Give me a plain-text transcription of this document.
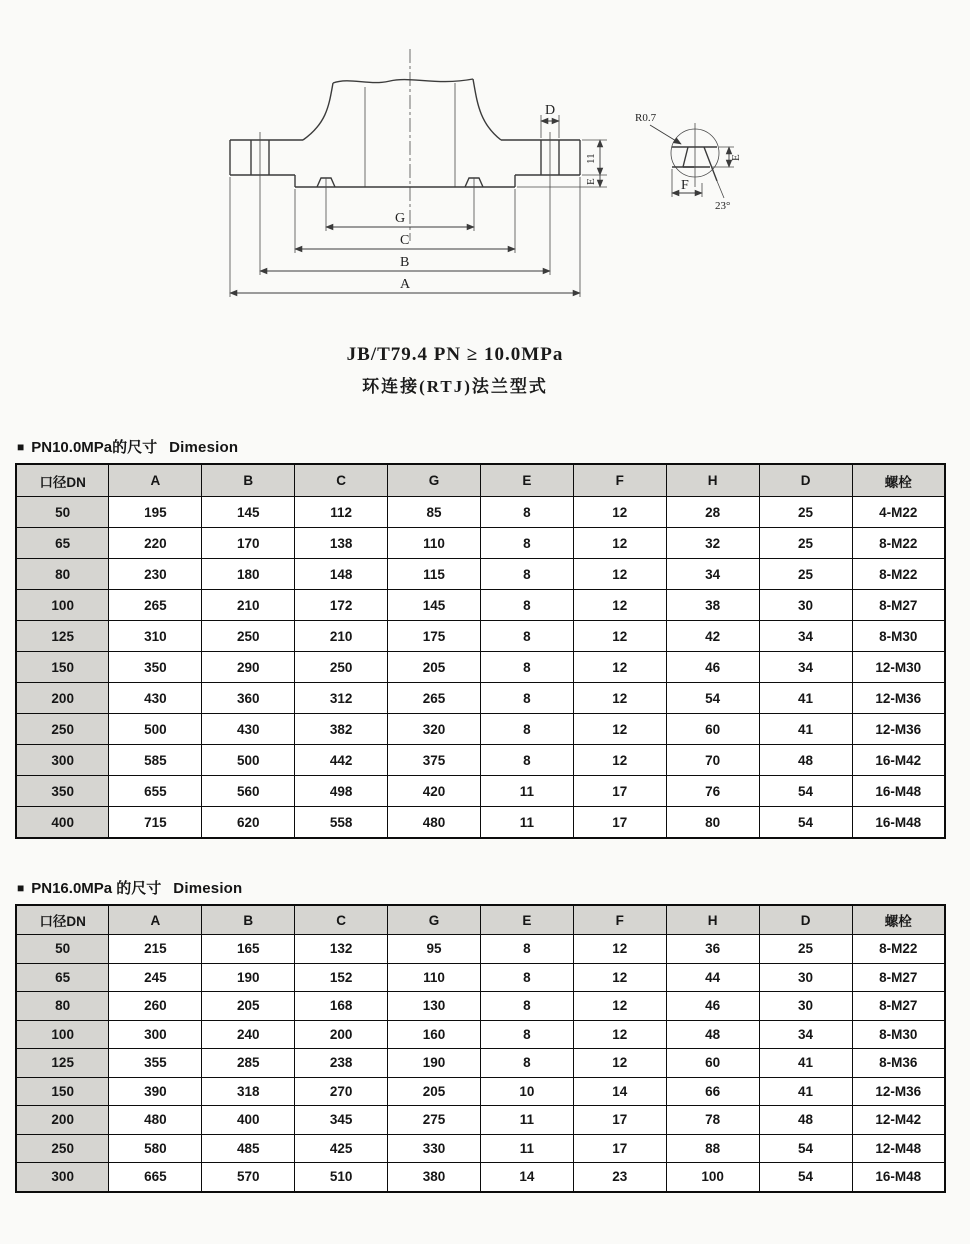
D
11
E
G
C
B
A
R0.7
E
F
23°
JB/T79.4 PN ≥ 10.0MPa
环连接(RTJ)法兰型式
■ PN10.0MPa的尺寸 Dimesion
口径DN	A	B	C	G	E	F	H	D	螺栓
50	195	145	112	85	8	12	28	25	4-M22
65	220	170	138	110	8	12	32	25	8-M22
80	230	180	148	115	8	12	34	25	8-M22
100	265	210	172	145	8	12	38	30	8-M27
125	310	250	210	175	8	12	42	34	8-M30
150	350	290	250	205	8	12	46	34	12-M30
200	430	360	312	265	8	12	54	41	12-M36
250	500	430	382	320	8	12	60	41	12-M36
300	585	500	442	375	8	12	70	48	16-M42
350	655	560	498	420	11	17	76	54	16-M48
400	715	620	558	480	11	17	80	54	16-M48
■ PN16.0MPa 的尺寸 Dimesion
口径DN	A	B	C	G	E	F	H	D	螺栓
50	215	165	132	95	8	12	36	25	8-M22
65	245	190	152	110	8	12	44	30	8-M27
80	260	205	168	130	8	12	46	30	8-M27
100	300	240	200	160	8	12	48	34	8-M30
125	355	285	238	190	8	12	60	41	8-M36
150	390	318	270	205	10	14	66	41	12-M36
200	480	400	345	275	11	17	78	48	12-M42
250	580	485	425	330	11	17	88	54	12-M48
300	665	570	510	380	14	23	100	54	16-M48
